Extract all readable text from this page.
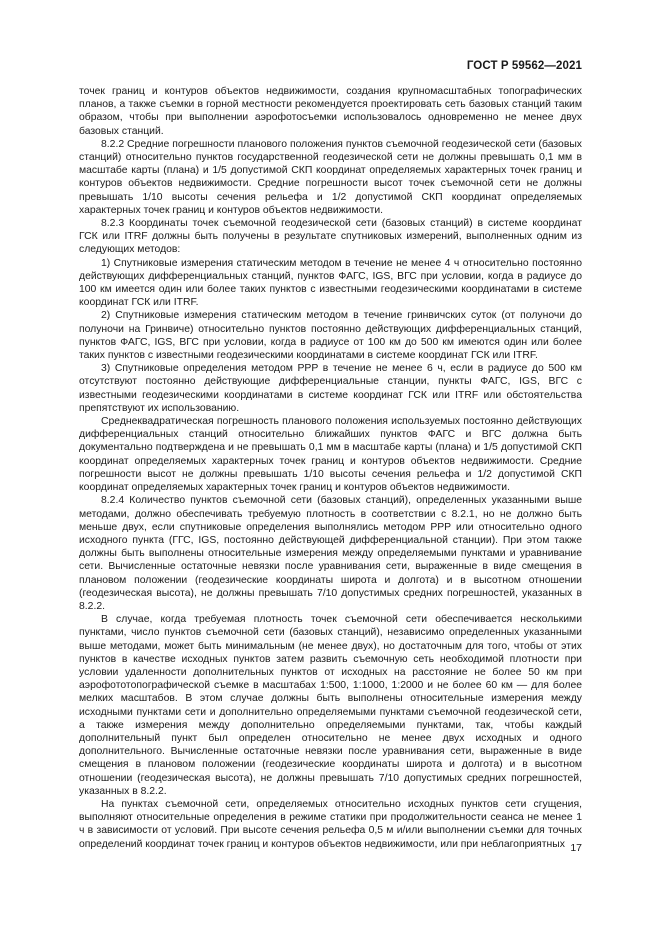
ГОСТ Р 59562—2021

точек границ и контуров объектов недвижимости, создания крупномасштабных топографических планов, а также съемки в горной местности рекомендуется проектировать сеть базовых станций таким образом, чтобы при выполнении аэрофотосъемки использовалось одновременно не менее двух базовых станций.

8.2.2 Средние погрешности планового положения пунктов съемочной геодезической сети (базовых станций) относительно пунктов государственной геодезической сети не должны превышать 0,1 мм в масштабе карты (плана) и 1/5 допустимой СКП координат определяемых характерных точек границ и контуров объектов недвижимости. Средние погрешности высот точек съемочной сети не должны превышать 1/10 высоты сечения рельефа и 1/2 допустимой СКП координат определяемых характерных точек границ и контуров объектов недвижимости.

8.2.3 Координаты точек съемочной геодезической сети (базовых станций) в системе координат ГСК или ITRF должны быть получены в результате спутниковых измерений, выполненных одним из следующих методов:

1) Спутниковые измерения статическим методом в течение не менее 4 ч относительно постоянно действующих дифференциальных станций, пунктов ФАГС, IGS, ВГС при условии, когда в радиусе до 100 км имеется один или более таких пунктов с известными геодезическими координатами в системе координат ГСК или ITRF.

2) Спутниковые измерения статическим методом в течение гринвичских суток (от полуночи до полуночи на Гринвиче) относительно пунктов постоянно действующих дифференциальных станций, пунктов ФАГС, IGS, ВГС при условии, когда в радиусе от 100 км до 500 км имеются один или более таких пунктов с известными геодезическими координатами в системе координат ГСК или ITRF.

3) Спутниковые определения методом PPP в течение не менее 6 ч, если в радиусе до 500 км отсутствуют постоянно действующие дифференциальные станции, пункты ФАГС, IGS, ВГС с известными геодезическими координатами в системе координат ГСК или ITRF или обстоятельства препятствуют их использованию.

Среднеквадратическая погрешность планового положения используемых постоянно действующих дифференциальных станций относительно ближайших пунктов ФАГС и ВГС должна быть документально подтверждена и не превышать 0,1 мм в масштабе карты (плана) и 1/5 допустимой СКП координат определяемых характерных точек границ и контуров объектов недвижимости. Средние погрешности высот не должны превышать 1/10 высоты сечения рельефа и 1/2 допустимой СКП координат определяемых характерных точек границ и контуров объектов недвижимости.

8.2.4 Количество пунктов съемочной сети (базовых станций), определенных указанными выше методами, должно обеспечивать требуемую плотность в соответствии с 8.2.1, но не должно быть меньше двух, если спутниковые определения выполнялись методом PPP или относительно одного исходного пункта (ГГС, IGS, постоянно действующей дифференциальной станции). При этом также должны быть выполнены относительные измерения между определяемыми пунктами и уравнивание сети. Вычисленные остаточные невязки после уравнивания сети, выраженные в виде смещения в плановом положении (геодезические координаты широта и долгота) и в высотном отношении (геодезическая высота), не должны превышать 7/10 допустимых средних погрешностей, указанных в 8.2.2.

В случае, когда требуемая плотность точек съемочной сети обеспечивается несколькими пунктами, число пунктов съемочной сети (базовых станций), независимо определенных указанными выше методами, может быть минимальным (не менее двух), но достаточным для того, чтобы от этих пунктов в качестве исходных пунктов затем развить съемочную сеть необходимой плотности при условии удаленности дополнительных пунктов от исходных на расстояние не более 50 км при аэрофототопографической съемке в масштабах 1:500, 1:1000, 1:2000 и не более 60 км — для более мелких масштабов. В этом случае должны быть выполнены относительные измерения между исходными пунктами сети и дополнительно определяемыми пунктами съемочной геодезической сети, а также измерения между дополнительно определяемыми пунктами, так, чтобы каждый дополнительный пункт был определен относительно не менее двух исходных и одного дополнительного. Вычисленные остаточные невязки после уравнивания сети, выраженные в виде смещения в плановом положении (геодезические координаты широта и долгота) и в высотном отношении (геодезическая высота), не должны превышать 7/10 допустимых средних погрешностей, указанных в 8.2.2.

На пунктах съемочной сети, определяемых относительно исходных пунктов сети сгущения, выполняют относительные определения в режиме статики при продолжительности сеанса не менее 1 ч в зависимости от условий. При высоте сечения рельефа 0,5 м и/или выполнении съемки для точных определений координат точек границ и контуров объектов недвижимости, или при неблагоприятных 17
